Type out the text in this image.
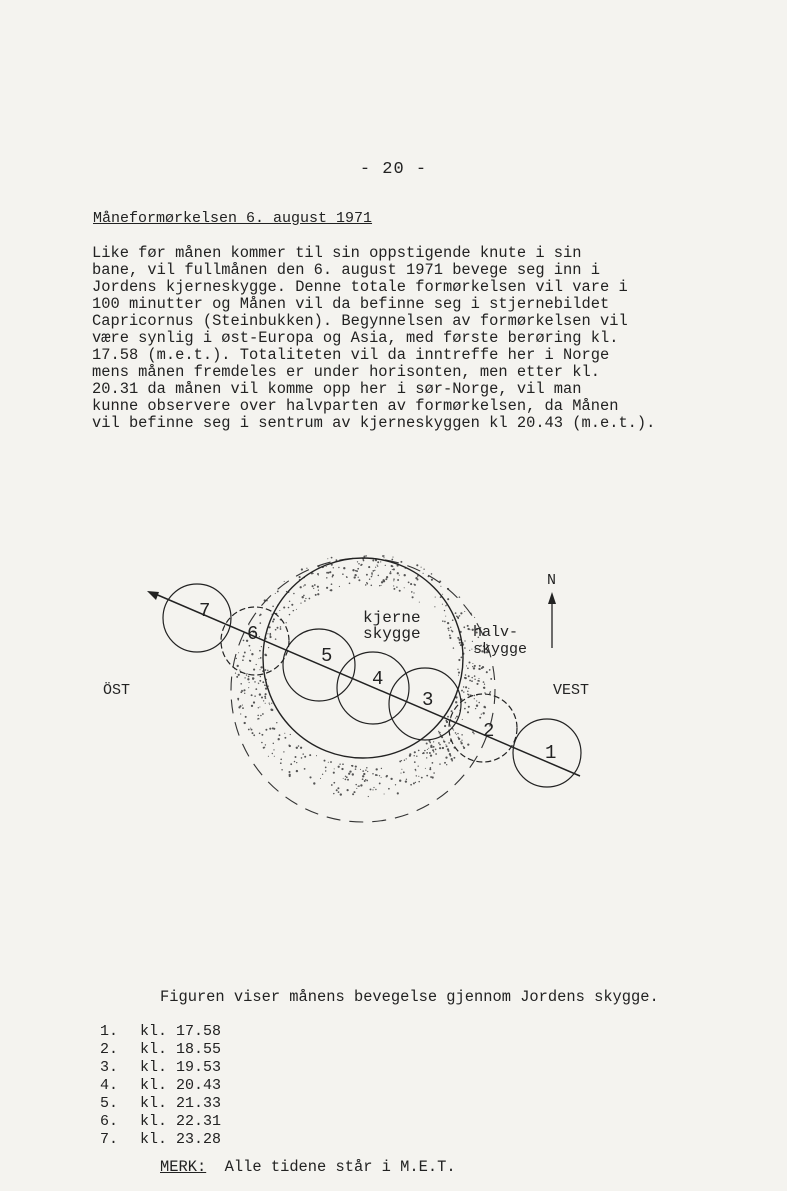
- 20 -
Måneformørkelsen 6. august 1971
Like før månen kommer til sin oppstigende knute i sin
bane, vil fullmånen den 6. august 1971 bevege seg inn i
Jordens kjerneskygge. Denne totale formørkelsen vil vare i
100 minutter og Månen vil da befinne seg i stjernebildet
Capricornus (Steinbukken). Begynnelsen av formørkelsen vil
være synlig i øst-Europa og Asia, med første berøring kl.
17.58 (m.e.t.). Totaliteten vil da inntreffe her i Norge
mens månen fremdeles er under horisonten, men etter kl.
20.31 da månen vil komme opp her i sør-Norge, vil man
kunne observere over halvparten av formørkelsen, da Månen
vil befinne seg i sentrum av kjerneskyggen kl 20.43 (m.e.t.).
7
6
5
4
3
2
1
kjerne
skygge	halv-
skygge
ÖST	VEST
N
Figuren viser månens bevegelse gjennom Jordens skygge.
1. kl. 17.58
2. kl. 18.55
3. kl. 19.53
4. kl. 20.43
5. kl. 21.33
6. kl. 22.31
7. kl. 23.28
MERK: Alle tidene står i M.E.T.
